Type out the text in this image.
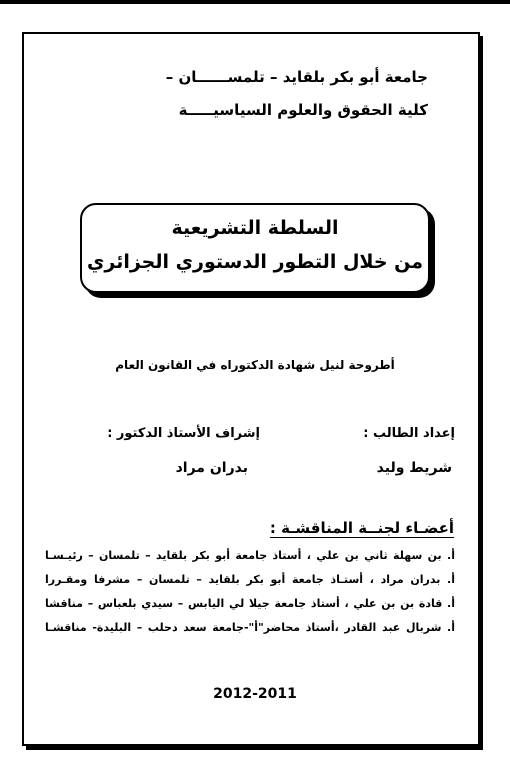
جامعة أبو بكر بلقايد – تلمســــــان –
كلية الحقوق والعلوم السياسيـــــة
السلطة التشريعية
من خلال التطور الدستوري الجزائري
أطروحة لنيل شهادة الدكتوراه في القانون العام
إعداد الطالب :
إشراف الأستاذ الدكتور :
شريط وليد
بدران مراد
أعضـاء لجنــة المناقشـة :
أ. بن سهلة ثاني بن علي ، أستاذ جامعة أبو بكر بلقايد – تلمسان – رئيـسـا
أ. بدران مراد ، أستـاذ جامعة أبو بكر بلقايد – تلمسان – مشرفا ومقـررا
أ. قادة بن بن علي ، أستاذ جامعة جيلا لي اليابس – سيدي بلعباس – مناقشا
أ. شربال عبد القادر ،أستاذ محاضر"أ"-جامعة سعد دحلب – البليدة- مناقشـا
2012-2011
